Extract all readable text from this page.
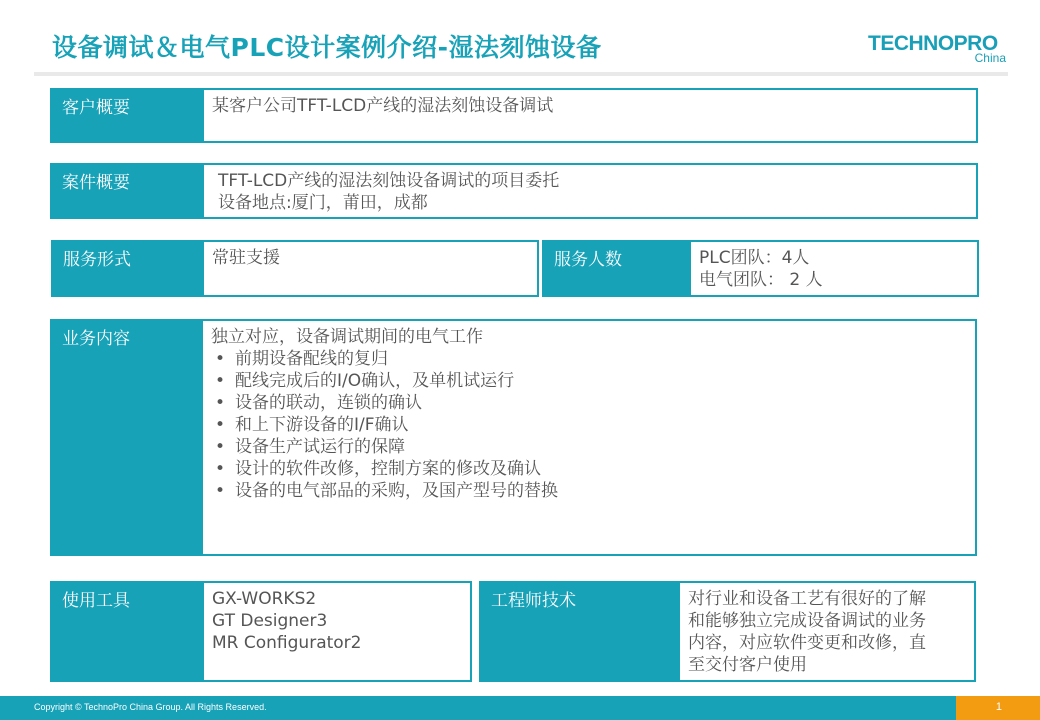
设备调试＆电气PLC设计案例介绍-湿法刻蚀设备	TECHNOPRO
China
客户概要	某客户公司TFT-LCD产线的湿法刻蚀设备调试
案件概要	TFT-LCD产线的湿法刻蚀设备调试的项目委托
设备地点:厦门，莆田，成都
服务形式	常驻支援	服务人数	PLC团队：4人
电气团队： 2 人
业务内容	独立对应，设备调试期间的电气工作
• 前期设备配线的复归
• 配线完成后的I/O确认，及单机试运行
• 设备的联动，连锁的确认
• 和上下游设备的I/F确认
• 设备生产试运行的保障
• 设计的软件改修，控制方案的修改及确认
• 设备的电气部品的采购，及国产型号的替换
使用工具	GX-WORKS2
GT Designer3
MR Configurator2
工程师技术	对行业和设备工艺有很好的了解
和能够独立完成设备调试的业务
内容，对应软件变更和改修，直
至交付客户使用
Copyright © TechnoPro China Group. All Rights Reserved.	1
